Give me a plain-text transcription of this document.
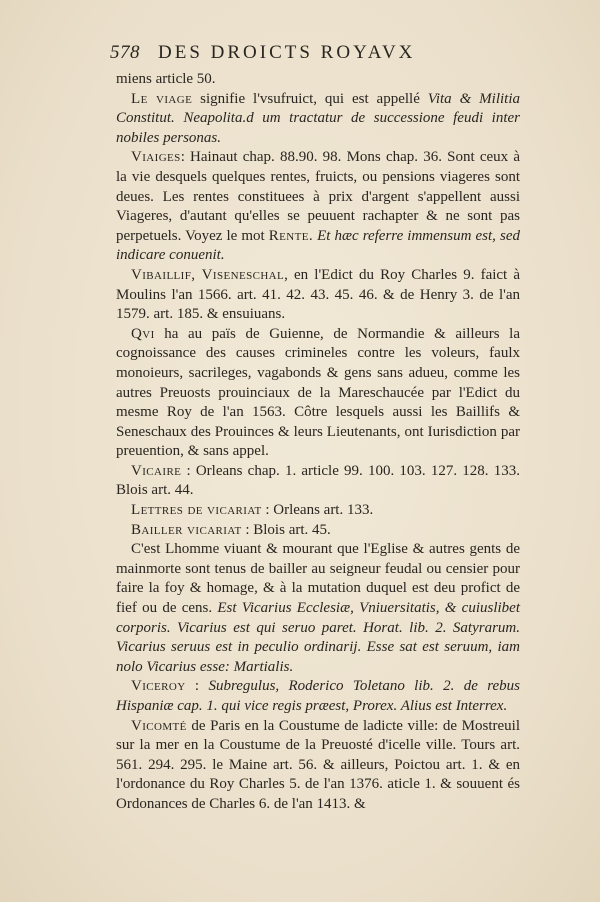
578 DES DROICTS ROYAVX

miens article 50.

Le viage signifie l'vsufruict, qui est appellé Vita & Militia Constitut. Neapolita.d um tractatur de successione feudi inter nobiles personas.

Viaiges: Hainaut chap. 88.90. 98. Mons chap. 36. Sont ceux à la vie desquels quelques rentes, fruicts, ou pensions viageres sont deues. Les rentes constituees à prix d'argent s'appellent aussi Viageres, d'autant qu'elles se peuuent rachapter & ne sont pas perpetuels. Voyez le mot Rente. Et hæc referre immensum est, sed indicare conuenit.

Vibaillif, Viseneschal, en l'Edict du Roy Charles 9. faict à Moulins l'an 1566. art. 41. 42. 43. 45. 46. & de Henry 3. de l'an 1579. art. 185. & ensuiuans.

Qvi ha au païs de Guienne, de Normandie & ailleurs la cognoissance des causes crimineles contre les voleurs, faulx monoieurs, sacrileges, vagabonds & gens sans adueu, comme les autres Preuosts prouinciaux de la Mareschaucée par l'Edict du mesme Roy de l'an 1563. Côtre lesquels aussi les Baillifs & Seneschaux des Prouinces & leurs Lieutenants, ont Iurisdiction par preuention, & sans appel.

Vicaire : Orleans chap. 1. article 99. 100. 103. 127. 128. 133. Blois art. 44.

Lettres de vicariat : Orleans art. 133.

Bailler vicariat : Blois art. 45.

C'est Lhomme viuant & mourant que l'Eglise & autres gents de mainmorte sont tenus de bailler au seigneur feudal ou censier pour faire la foy & homage, & à la mutation duquel est deu profict de fief ou de cens. Est Vicarius Ecclesiæ, Vniuersitatis, & cuiuslibet corporis. Vicarius est qui seruo paret. Horat. lib. 2. Satyrarum. Vicarius seruus est in peculio ordinarij. Esse sat est seruum, iam nolo Vicarius esse: Martialis.

Viceroy : Subregulus, Roderico Toletano lib. 2. de rebus Hispaniæ cap. 1. qui vice regis præest, Prorex. Alius est Interrex.

Vicomté de Paris en la Coustume de ladicte ville: de Mostreuil sur la mer en la Coustume de la Preuosté d'icelle ville. Tours art. 561. 294. 295. le Maine art. 56. & ailleurs, Poictou art. 1. & en l'ordonance du Roy Charles 5. de l'an 1376. aticle 1. & souuent és Ordonances de Charles 6. de l'an 1413. &
